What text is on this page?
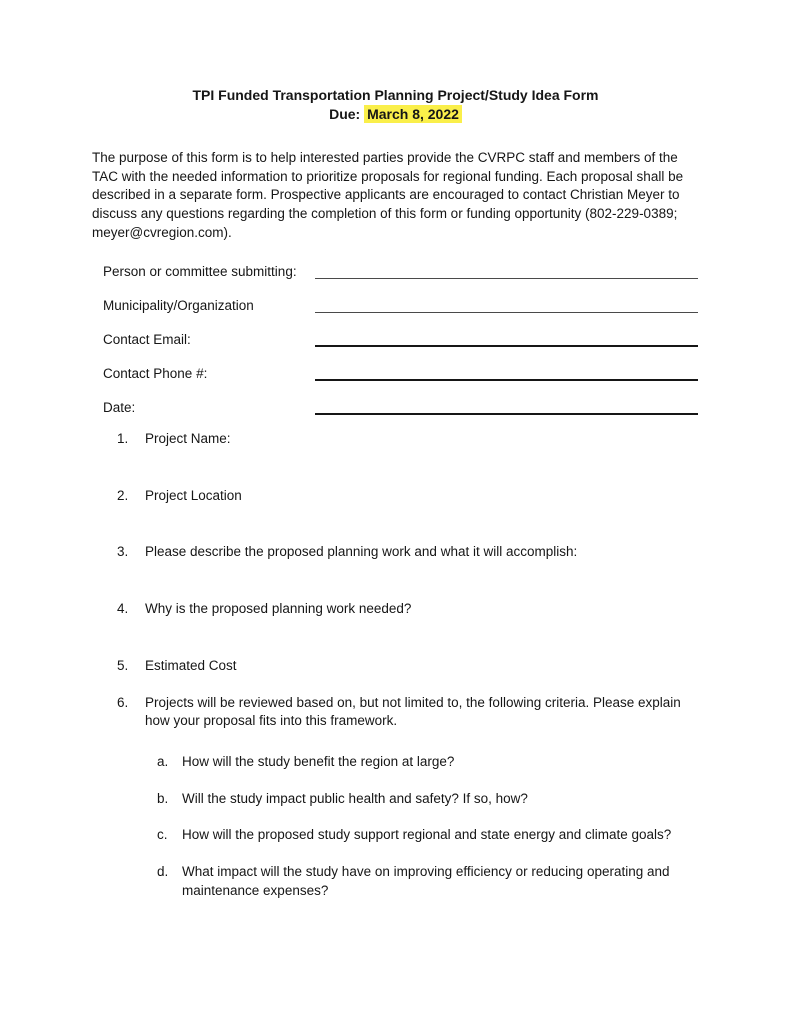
TPI Funded Transportation Planning Project/Study Idea Form
Due: March 8, 2022

The purpose of this form is to help interested parties provide the CVRPC staff and members of the TAC with the needed information to prioritize proposals for regional funding. Each proposal shall be described in a separate form. Prospective applicants are encouraged to contact Christian Meyer to discuss any questions regarding the completion of this form or funding opportunity (802-229-0389; meyer@cvregion.com).

Person or committee submitting:
Municipality/Organization
Contact Email:
Contact Phone #:
Date:
1.	Project Name:
2.	Project Location
3.	Please describe the proposed planning work and what it will accomplish:
4.	Why is the proposed planning work needed?
5.	Estimated Cost
6.	Projects will be reviewed based on, but not limited to, the following criteria. Please explain how your proposal fits into this framework.
a.	How will the study benefit the region at large?
b.	Will the study impact public health and safety? If so, how?
c.	How will the proposed study support regional and state energy and climate goals?
d.	What impact will the study have on improving efficiency or reducing operating and maintenance expenses?
